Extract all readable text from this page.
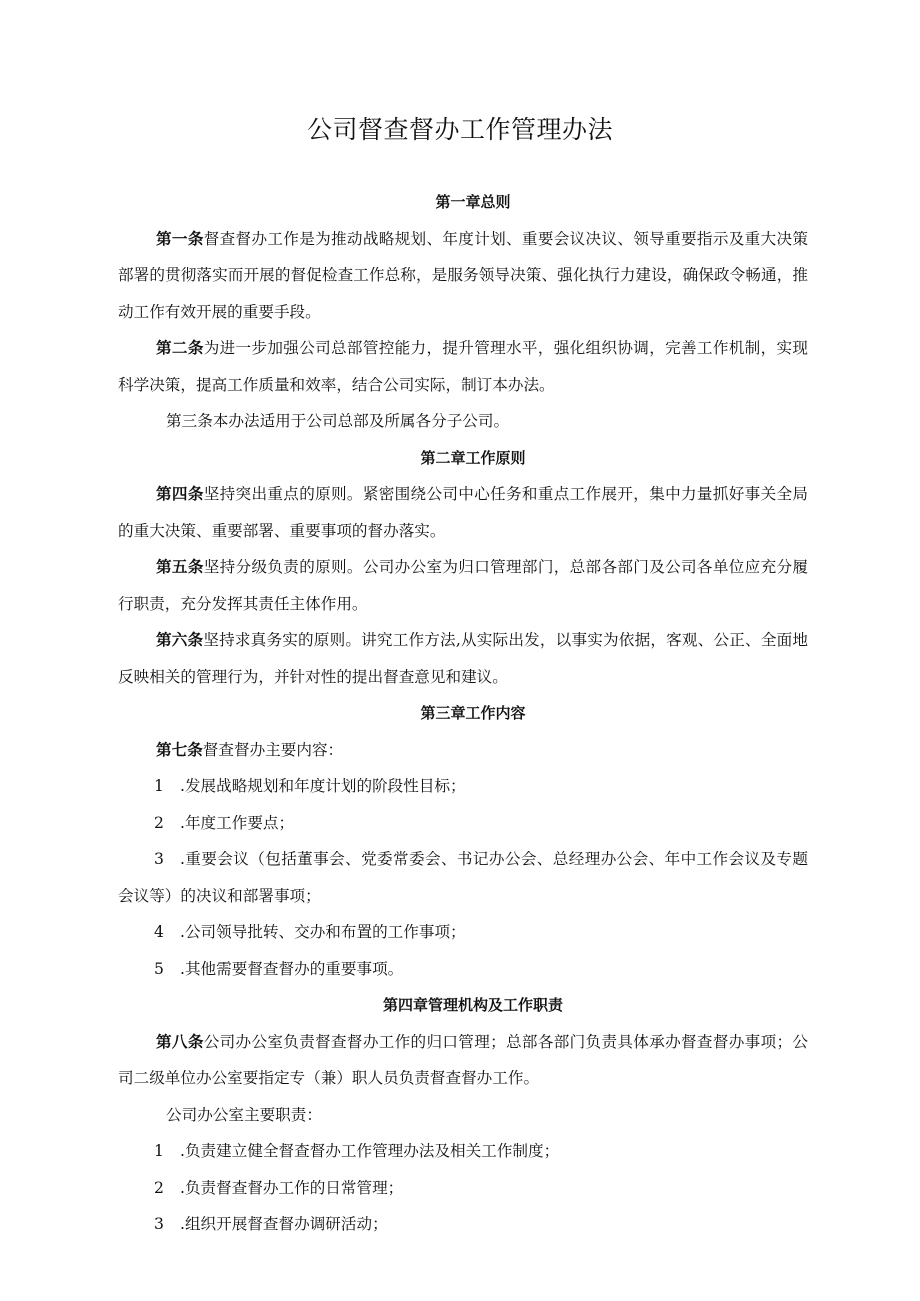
公司督查督办工作管理办法

第一章总则

第一条督查督办工作是为推动战略规划、年度计划、重要会议决议、领导重要指示及重大决策部署的贯彻落实而开展的督促检查工作总称，是服务领导决策、强化执行力建设，确保政令畅通，推动工作有效开展的重要手段。

第二条为进一步加强公司总部管控能力，提升管理水平，强化组织协调，完善工作机制，实现科学决策，提高工作质量和效率，结合公司实际，制订本办法。

第三条本办法适用于公司总部及所属各分子公司。

第二章工作原则

第四条坚持突出重点的原则。紧密围绕公司中心任务和重点工作展开，集中力量抓好事关全局的重大决策、重要部署、重要事项的督办落实。

第五条坚持分级负责的原则。公司办公室为归口管理部门，总部各部门及公司各单位应充分履行职责，充分发挥其责任主体作用。

第六条坚持求真务实的原则。讲究工作方法,从实际出发，以事实为依据，客观、公正、全面地反映相关的管理行为，并针对性的提出督查意见和建议。

第三章工作内容

第七条督查督办主要内容：

1 .发展战略规划和年度计划的阶段性目标；

2 .年度工作要点；

3 .重要会议（包括董事会、党委常委会、书记办公会、总经理办公会、年中工作会议及专题会议等）的决议和部署事项；

4 .公司领导批转、交办和布置的工作事项；

5 .其他需要督查督办的重要事项。

第四章管理机构及工作职责

第八条公司办公室负责督查督办工作的归口管理；总部各部门负责具体承办督查督办事项；公司二级单位办公室要指定专（兼）职人员负责督查督办工作。

公司办公室主要职责：

1 .负责建立健全督查督办工作管理办法及相关工作制度；

2 .负责督查督办工作的日常管理；

3 .组织开展督查督办调研活动；
